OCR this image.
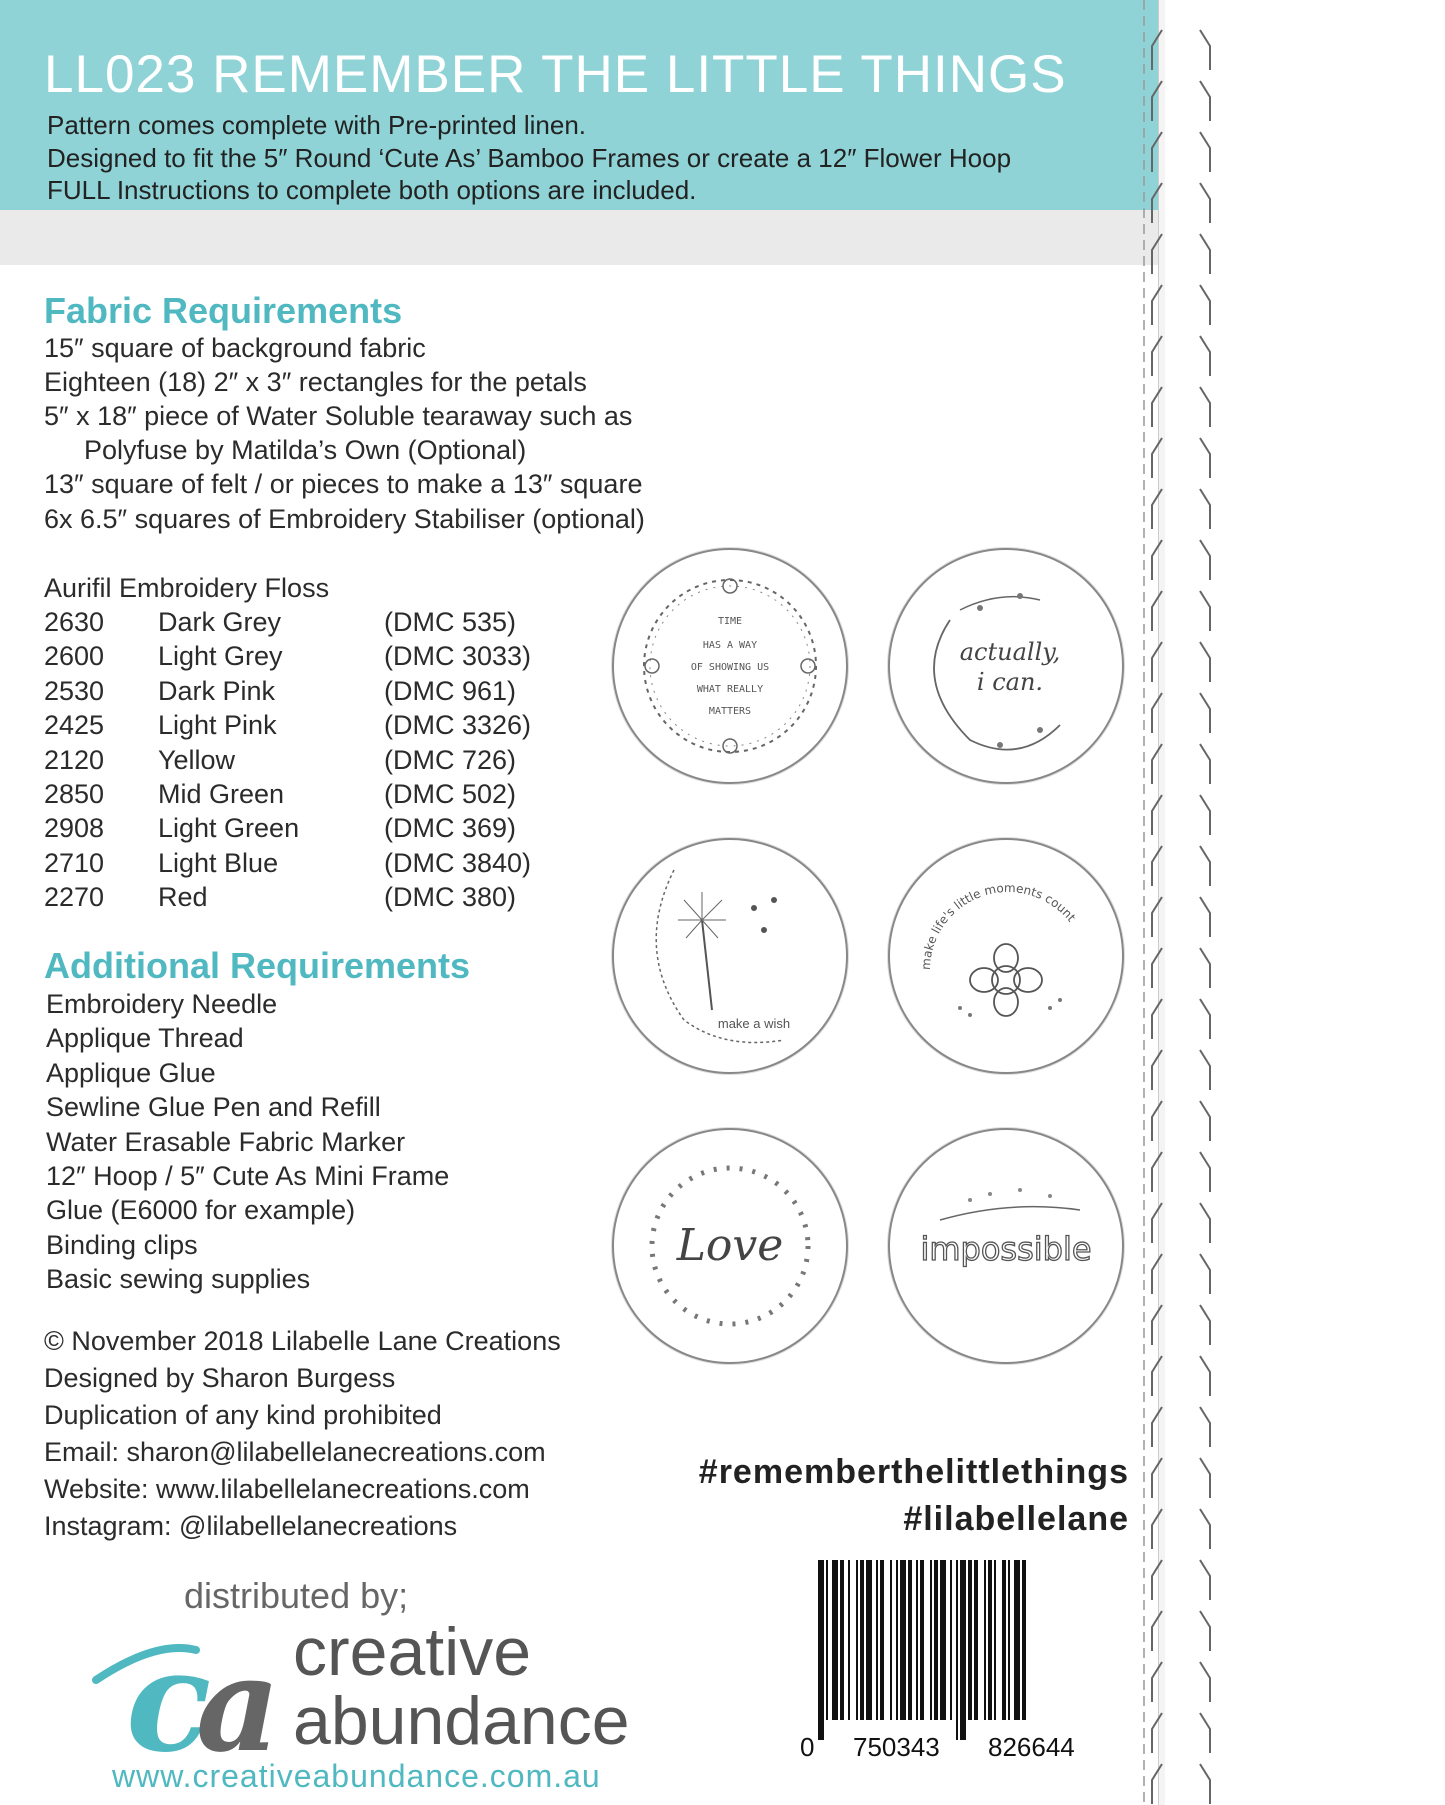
LL023 REMEMBER THE LITTLE THINGS
Pattern comes complete with Pre-printed linen.
Designed to fit the 5″ Round ‘Cute As’ Bamboo Frames or create a 12″ Flower Hoop
FULL Instructions to complete both options are included.
Fabric Requirements
15″ square of background fabric
Eighteen (18) 2″ x 3″ rectangles for the petals
5″ x 18″ piece of Water Soluble tearaway such as
Polyfuse by Matilda’s Own (Optional)
13″ square of felt / or pieces to make a 13″ square
6x 6.5″ squares of Embroidery Stabiliser (optional)
Aurifil Embroidery Floss
2630 Dark Grey	(DMC 535)
2600 Light Grey	(DMC 3033)
2530 Dark Pink	(DMC 961)
2425 Light Pink	(DMC 3326)
2120 Yellow	(DMC 726)
2850 Mid Green	(DMC 502)
2908 Light Green	(DMC 369)
2710 Light Blue	(DMC 3840)
2270 Red	(DMC 380)
Additional Requirements
Embroidery Needle
Applique Thread
Applique Glue
Sewline Glue Pen and Refill
Water Erasable Fabric Marker
12″ Hoop / 5″ Cute As Mini Frame
Glue (E6000 for example)
Binding clips
Basic sewing supplies
© November 2018 Lilabelle Lane Creations
Designed by Sharon Burgess
Duplication of any kind prohibited
Email: sharon@lilabellelanecreations.com
Website: www.lilabellelanecreations.com
Instagram: @lilabellelanecreations
#rememberthelittlethings
#lilabellelane
TIME
HAS A WAY
OF SHOWING US
WHAT REALLY
MATTERS
actually,
i can.
make a wish
make life's little moments count
Love	impossible
0 750343 826644
distributed by;
c
a creative
abundance
www.creativeabundance.com.au
